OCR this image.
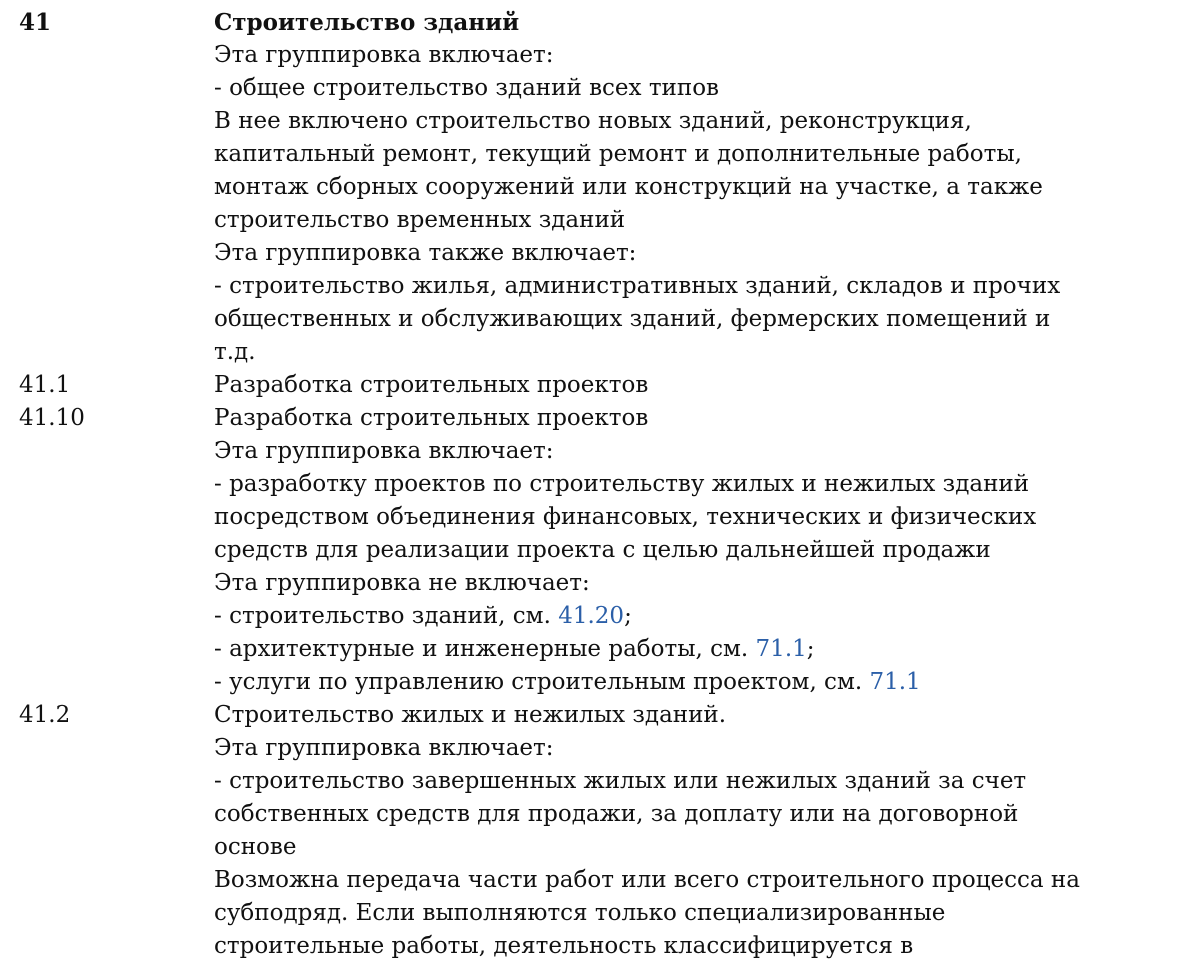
41	Строительство зданий
Эта группировка включает:
- общее строительство зданий всех типов
В нее включено строительство новых зданий, реконструкция,
капитальный ремонт, текущий ремонт и дополнительные работы,
монтаж сборных сооружений или конструкций на участке, а также
строительство временных зданий
Эта группировка также включает:
- строительство жилья, административных зданий, складов и прочих
общественных и обслуживающих зданий, фермерских помещений и
т.д.
41.1	Разработка строительных проектов
41.10	Разработка строительных проектов
Эта группировка включает:
- разработку проектов по строительству жилых и нежилых зданий
посредством объединения финансовых, технических и физических
средств для реализации проекта с целью дальнейшей продажи
Эта группировка не включает:
- строительство зданий, см. 41.20;
- архитектурные и инженерные работы, см. 71.1;
- услуги по управлению строительным проектом, см. 71.1
41.2	Строительство жилых и нежилых зданий.
Эта группировка включает:
- строительство завершенных жилых или нежилых зданий за счет
собственных средств для продажи, за доплату или на договорной
основе
Возможна передача части работ или всего строительного процесса на
субподряд. Если выполняются только специализированные
строительные работы, деятельность классифицируется в
